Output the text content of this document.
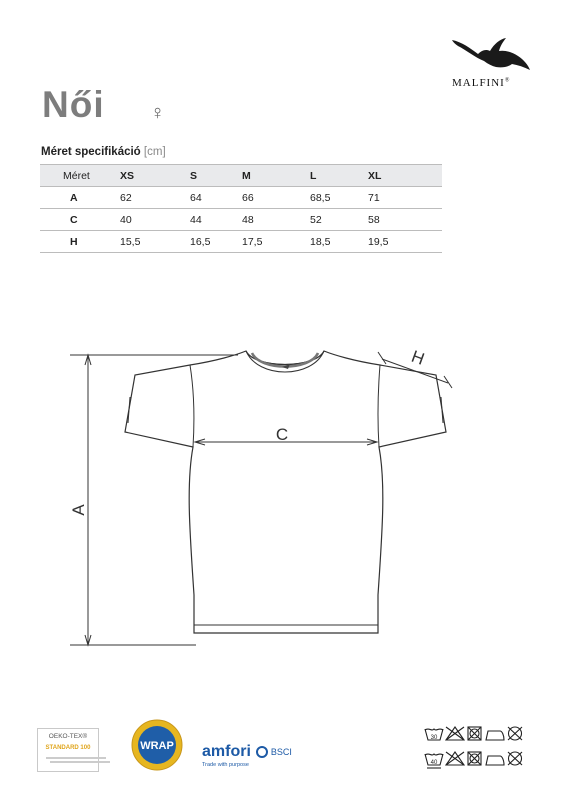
MALFINI®
Női ♀
Méret specifikáció [cm]
Méret	XS	S	M	L	XL
A	62	64	66	68,5	71
C	40	44	48	52	58
H	15,5	16,5	17,5	18,5	19,5
A
C
H
OEKO-TEX®
STANDARD 100	WRAP amfori BSCI
Trade with purpose
30
40
